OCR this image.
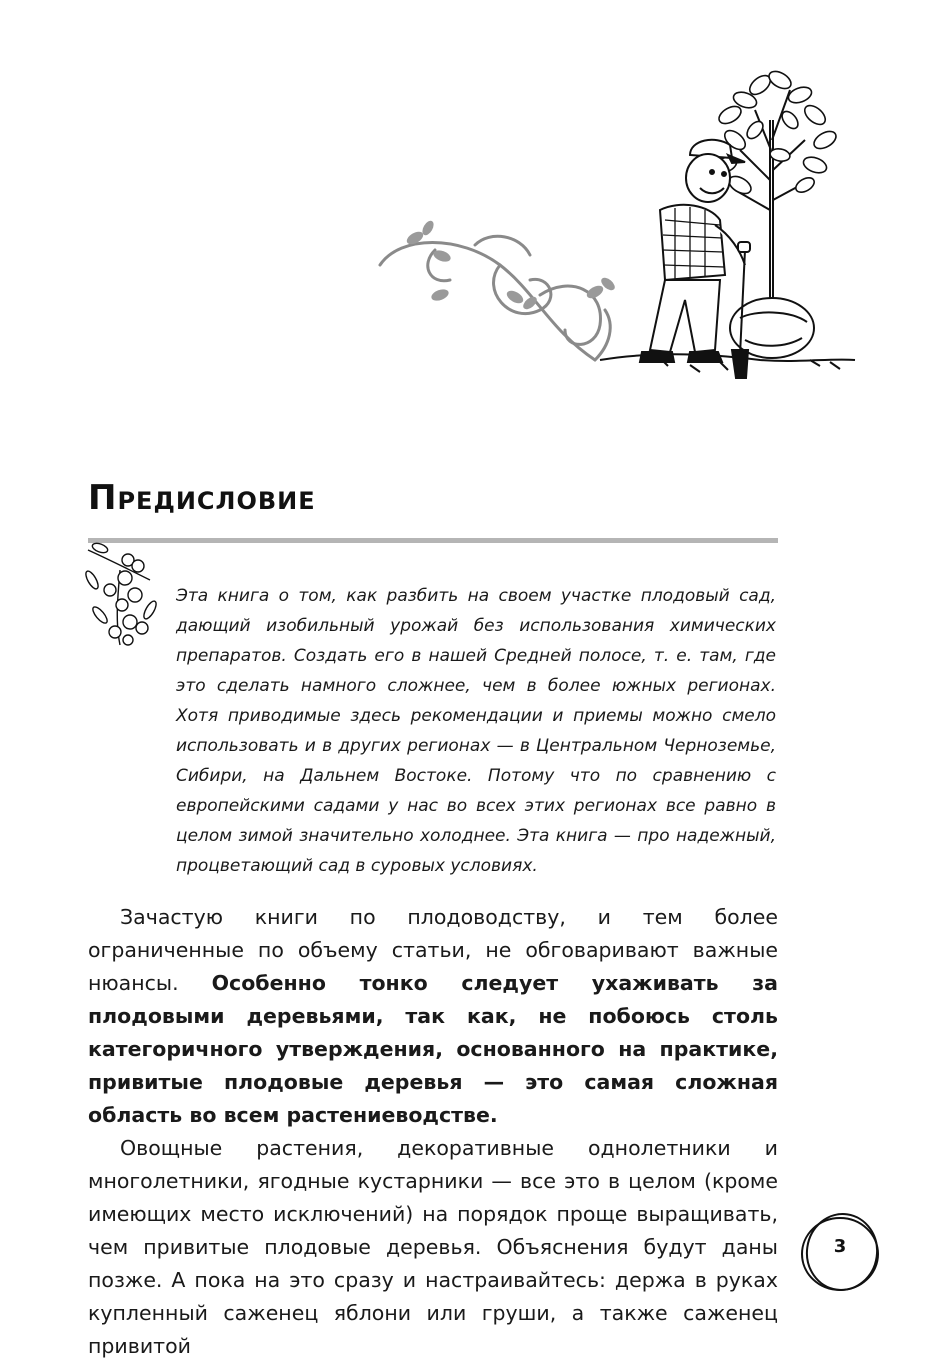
Предисловие

Эта книга о том, как разбить на своем участке плодовый сад, дающий изобильный урожай без использования химических препаратов. Создать его в нашей Средней полосе, т. е. там, где это сделать намного сложнее, чем в более южных регионах. Хотя приводимые здесь рекомендации и приемы можно смело использовать и в других регионах — в Центральном Черноземье, Сибири, на Дальнем Востоке. Потому что по сравнению с европейскими садами у нас во всех этих регионах все равно в целом зимой значительно холоднее. Эта книга — про надежный, процветающий сад в суровых условиях.

Зачастую книги по плодоводству, и тем более ограниченные по объему статьи, не обговаривают важные нюансы. Особенно тонко следует ухаживать за плодовыми деревьями, так как, не побоюсь столь категоричного утверждения, основанного на практике, привитые плодовые деревья — это самая сложная область во всем растениеводстве.

Овощные растения, декоративные однолетники и многолетники, ягодные кустарники — все это в целом (кроме имеющих место исключений) на порядок проще выращивать, чем привитые плодовые деревья. Объяснения будут даны позже. А пока на это сразу и настраивайтесь: держа в руках купленный саженец яблони или груши, а также саженец привитой

3
